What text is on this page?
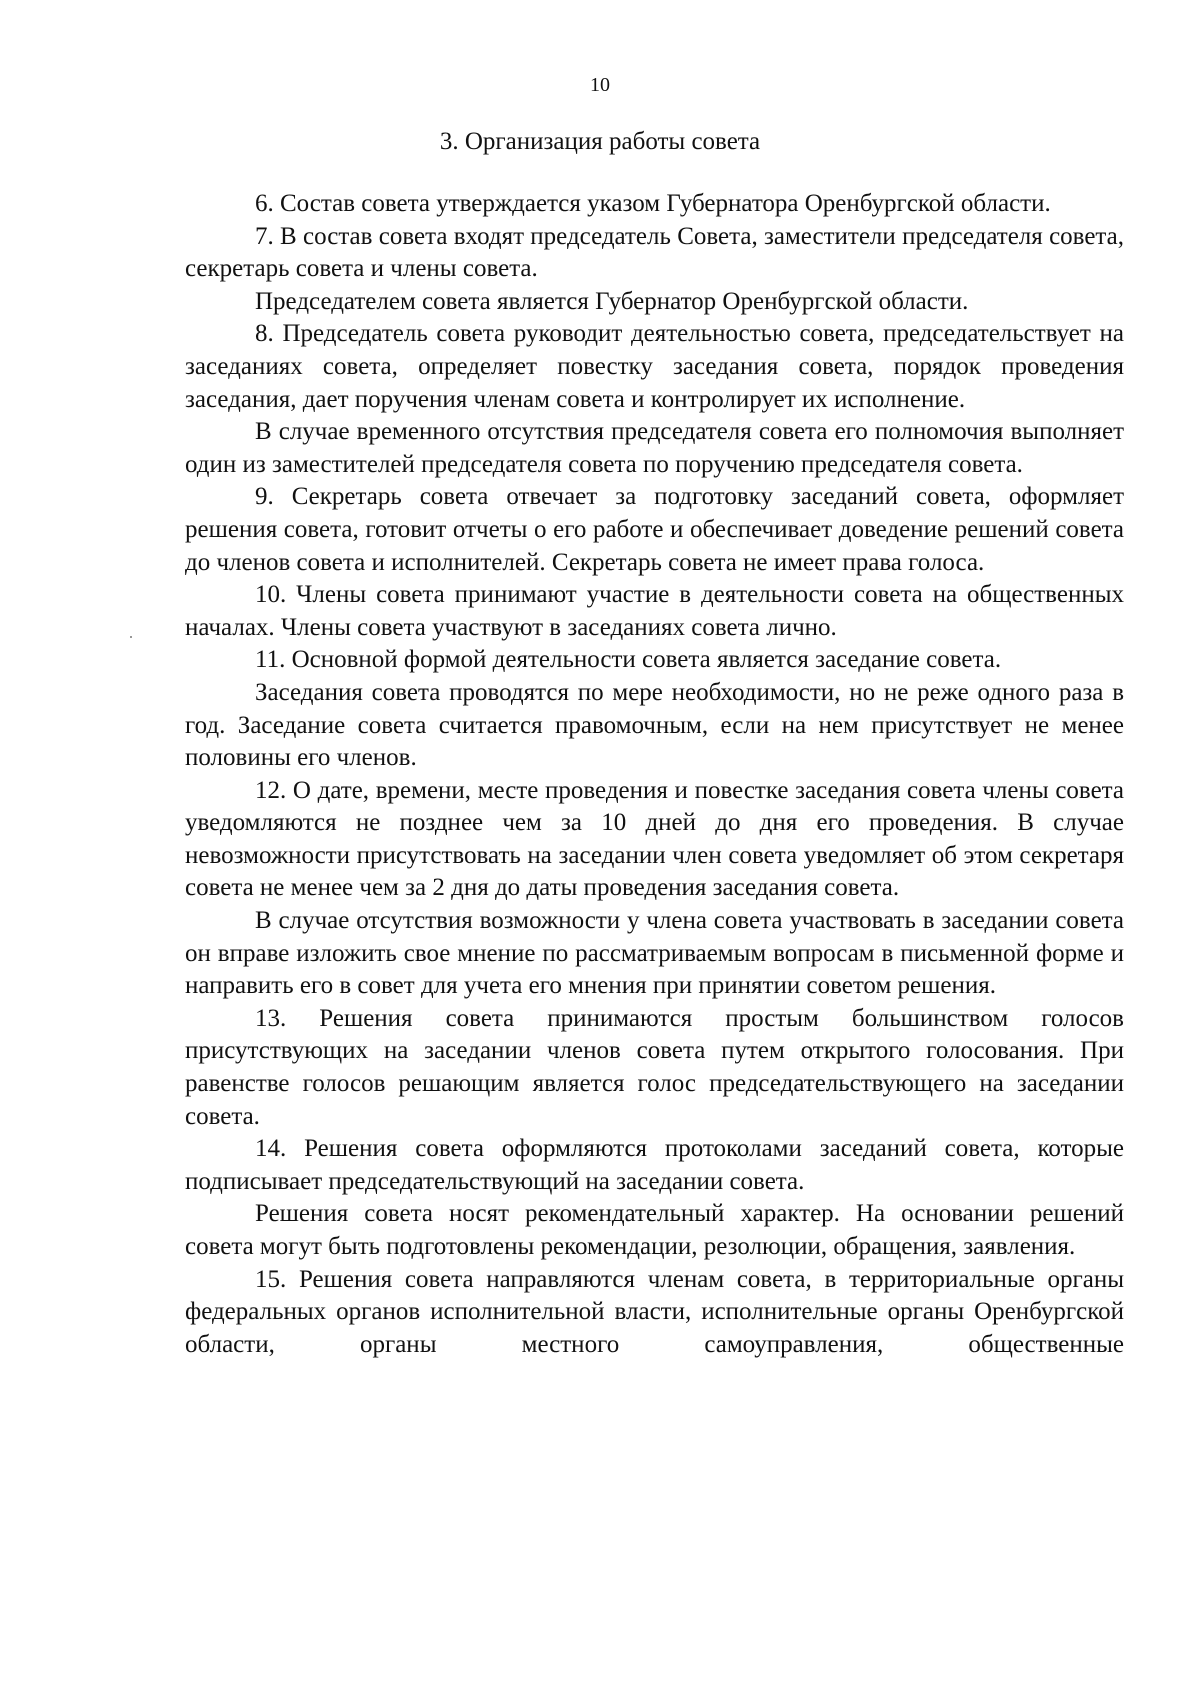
10
3. Организация работы совета

6. Состав совета утверждается указом Губернатора Оренбургской области.

7. В состав совета входят председатель Совета, заместители председателя совета, секретарь совета и члены совета.

Председателем совета является Губернатор Оренбургской области.

8. Председатель совета руководит деятельностью совета, председательствует на заседаниях совета, определяет повестку заседания совета, порядок проведения заседания, дает поручения членам совета и контролирует их исполнение.

В случае временного отсутствия председателя совета его полномочия выполняет один из заместителей председателя совета по поручению председателя совета.

9. Секретарь совета отвечает за подготовку заседаний совета, оформляет решения совета, готовит отчеты о его работе и обеспечивает доведение решений совета до членов совета и исполнителей. Секретарь совета не имеет права голоса.

10. Члены совета принимают участие в деятельности совета на общественных началах. Члены совета участвуют в заседаниях совета лично.

11. Основной формой деятельности совета является заседание совета.

Заседания совета проводятся по мере необходимости, но не реже одного раза в год. Заседание совета считается правомочным, если на нем присутствует не менее половины его членов.

12. О дате, времени, месте проведения и повестке заседания совета члены совета уведомляются не позднее чем за 10 дней до дня его проведения. В случае невозможности присутствовать на заседании член совета уведомляет об этом секретаря совета не менее чем за 2 дня до даты проведения заседания совета.

В случае отсутствия возможности у члена совета участвовать в заседании совета он вправе изложить свое мнение по рассматриваемым вопросам в письменной форме и направить его в совет для учета его мнения при принятии советом решения.

13. Решения совета принимаются простым большинством голосов присутствующих на заседании членов совета путем открытого голосования. При равенстве голосов решающим является голос председательствующего на заседании совета.

14. Решения совета оформляются протоколами заседаний совета, которые подписывает председательствующий на заседании совета.

Решения совета носят рекомендательный характер. На основании решений совета могут быть подготовлены рекомендации, резолюции, обращения, заявления.

15. Решения совета направляются членам совета, в территориальные органы федеральных органов исполнительной власти, исполнительные органы Оренбургской области, органы местного самоуправления, общественные
